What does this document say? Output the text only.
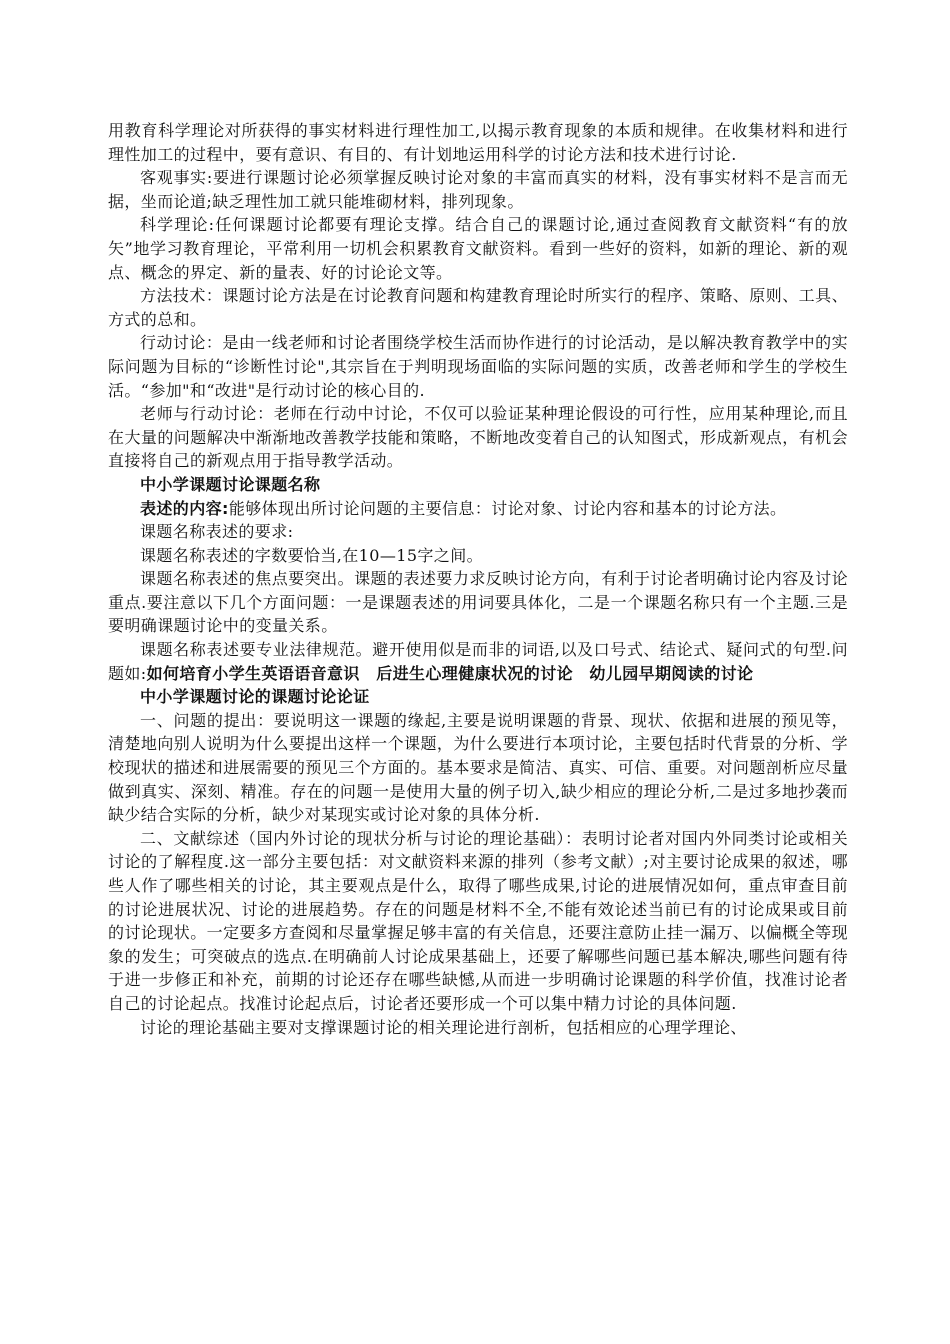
用教育科学理论对所获得的事实材料进行理性加工,以揭示教育现象的本质和规律。在收集材料和进行理性加工的过程中，要有意识、有目的、有计划地运用科学的讨论方法和技术进行讨论.

客观事实:要进行课题讨论必须掌握反映讨论对象的丰富而真实的材料，没有事实材料不是言而无据，坐而论道;缺乏理性加工就只能堆砌材料，排列现象。

科学理论:任何课题讨论都要有理论支撑。结合自己的课题讨论,通过查阅教育文献资料“有的放矢”地学习教育理论，平常利用一切机会积累教育文献资料。看到一些好的资料，如新的理论、新的观点、概念的界定、新的量表、好的讨论论文等。

方法技术：课题讨论方法是在讨论教育问题和构建教育理论时所实行的程序、策略、原则、工具、方式的总和。

行动讨论：是由一线老师和讨论者围绕学校生活而协作进行的讨论活动，是以解决教育教学中的实际问题为目标的“诊断性讨论",其宗旨在于判明现场面临的实际问题的实质，改善老师和学生的学校生活。“参加"和“改进"是行动讨论的核心目的.

老师与行动讨论：老师在行动中讨论，不仅可以验证某种理论假设的可行性，应用某种理论,而且在大量的问题解决中渐渐地改善教学技能和策略，不断地改变着自己的认知图式，形成新观点，有机会直接将自己的新观点用于指导教学活动。

中小学课题讨论课题名称

表述的内容:能够体现出所讨论问题的主要信息：讨论对象、讨论内容和基本的讨论方法。

课题名称表述的要求:

课题名称表述的字数要恰当,在10—15字之间。

课题名称表述的焦点要突出。课题的表述要力求反映讨论方向，有利于讨论者明确讨论内容及讨论重点.要注意以下几个方面问题：一是课题表述的用词要具体化，二是一个课题名称只有一个主题.三是要明确课题讨论中的变量关系。

课题名称表述要专业法律规范。避开使用似是而非的词语,以及口号式、结论式、疑问式的句型.问题如:如何培育小学生英语语音意识　后进生心理健康状况的讨论　幼儿园早期阅读的讨论

中小学课题讨论的课题讨论论证

一、问题的提出：要说明这一课题的缘起,主要是说明课题的背景、现状、依据和进展的预见等，清楚地向别人说明为什么要提出这样一个课题，为什么要进行本项讨论，主要包括时代背景的分析、学校现状的描述和进展需要的预见三个方面的。基本要求是简洁、真实、可信、重要。对问题剖析应尽量做到真实、深刻、精准。存在的问题一是使用大量的例子切入,缺少相应的理论分析,二是过多地抄袭而缺少结合实际的分析，缺少对某现实或讨论对象的具体分析.

二、文献综述（国内外讨论的现状分析与讨论的理论基础）：表明讨论者对国内外同类讨论或相关讨论的了解程度.这一部分主要包括：对文献资料来源的排列（参考文献）;对主要讨论成果的叙述，哪些人作了哪些相关的讨论，其主要观点是什么，取得了哪些成果,讨论的进展情况如何，重点审查目前的讨论进展状况、讨论的进展趋势。存在的问题是材料不全,不能有效论述当前已有的讨论成果或目前的讨论现状。一定要多方查阅和尽量掌握足够丰富的有关信息，还要注意防止挂一漏万、以偏概全等现象的发生；可突破点的选点.在明确前人讨论成果基础上，还要了解哪些问题已基本解决,哪些问题有待于进一步修正和补充，前期的讨论还存在哪些缺憾,从而进一步明确讨论课题的科学价值，找准讨论者自己的讨论起点。找准讨论起点后，讨论者还要形成一个可以集中精力讨论的具体问题.

讨论的理论基础主要对支撑课题讨论的相关理论进行剖析，包括相应的心理学理论、
